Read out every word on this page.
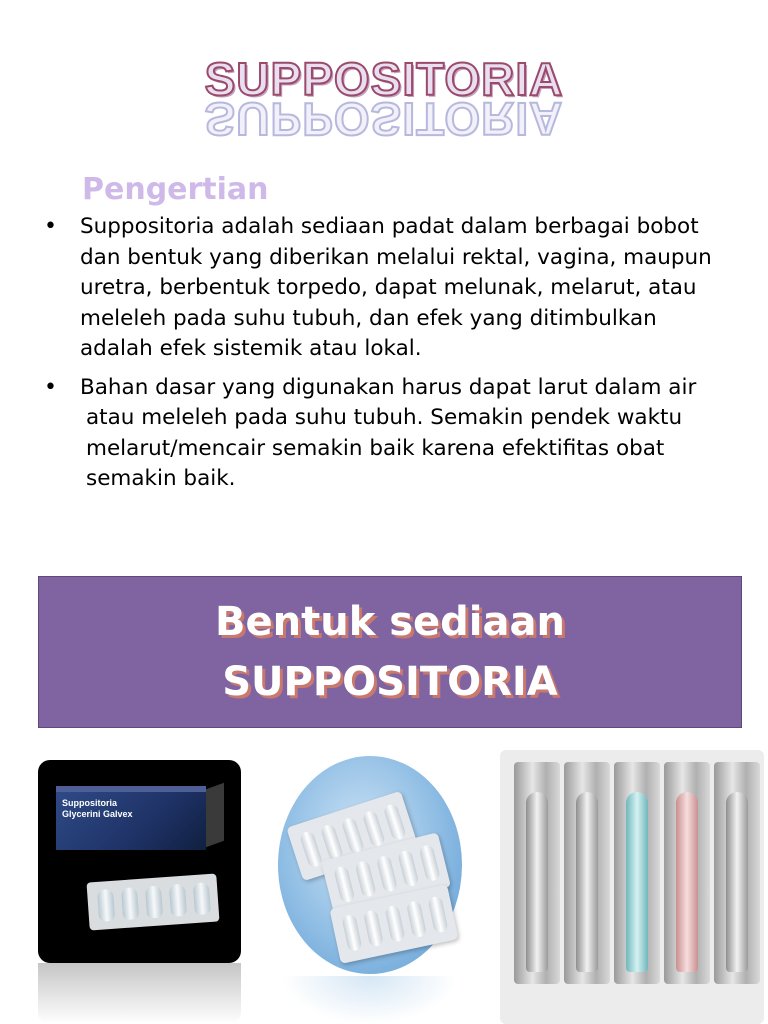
SUPPOSITORIA
SUPPOSITORIA
Pengertian
•	Suppositoria adalah sediaan padat dalam berbagai bobot dan bentuk yang diberikan melalui rektal, vagina, maupun uretra, berbentuk torpedo, dapat melunak, melarut, atau meleleh pada suhu tubuh, dan efek yang ditimbulkan adalah efek sistemik atau lokal.
•	Bahan dasar yang digunakan harus dapat larut dalam air atau meleleh pada suhu tubuh. Semakin pendek waktu melarut/mencair semakin baik karena efektifitas obat semakin baik.
Bentuk sediaan
SUPPOSITORIA
Suppositoria
Glycerini Galvex
